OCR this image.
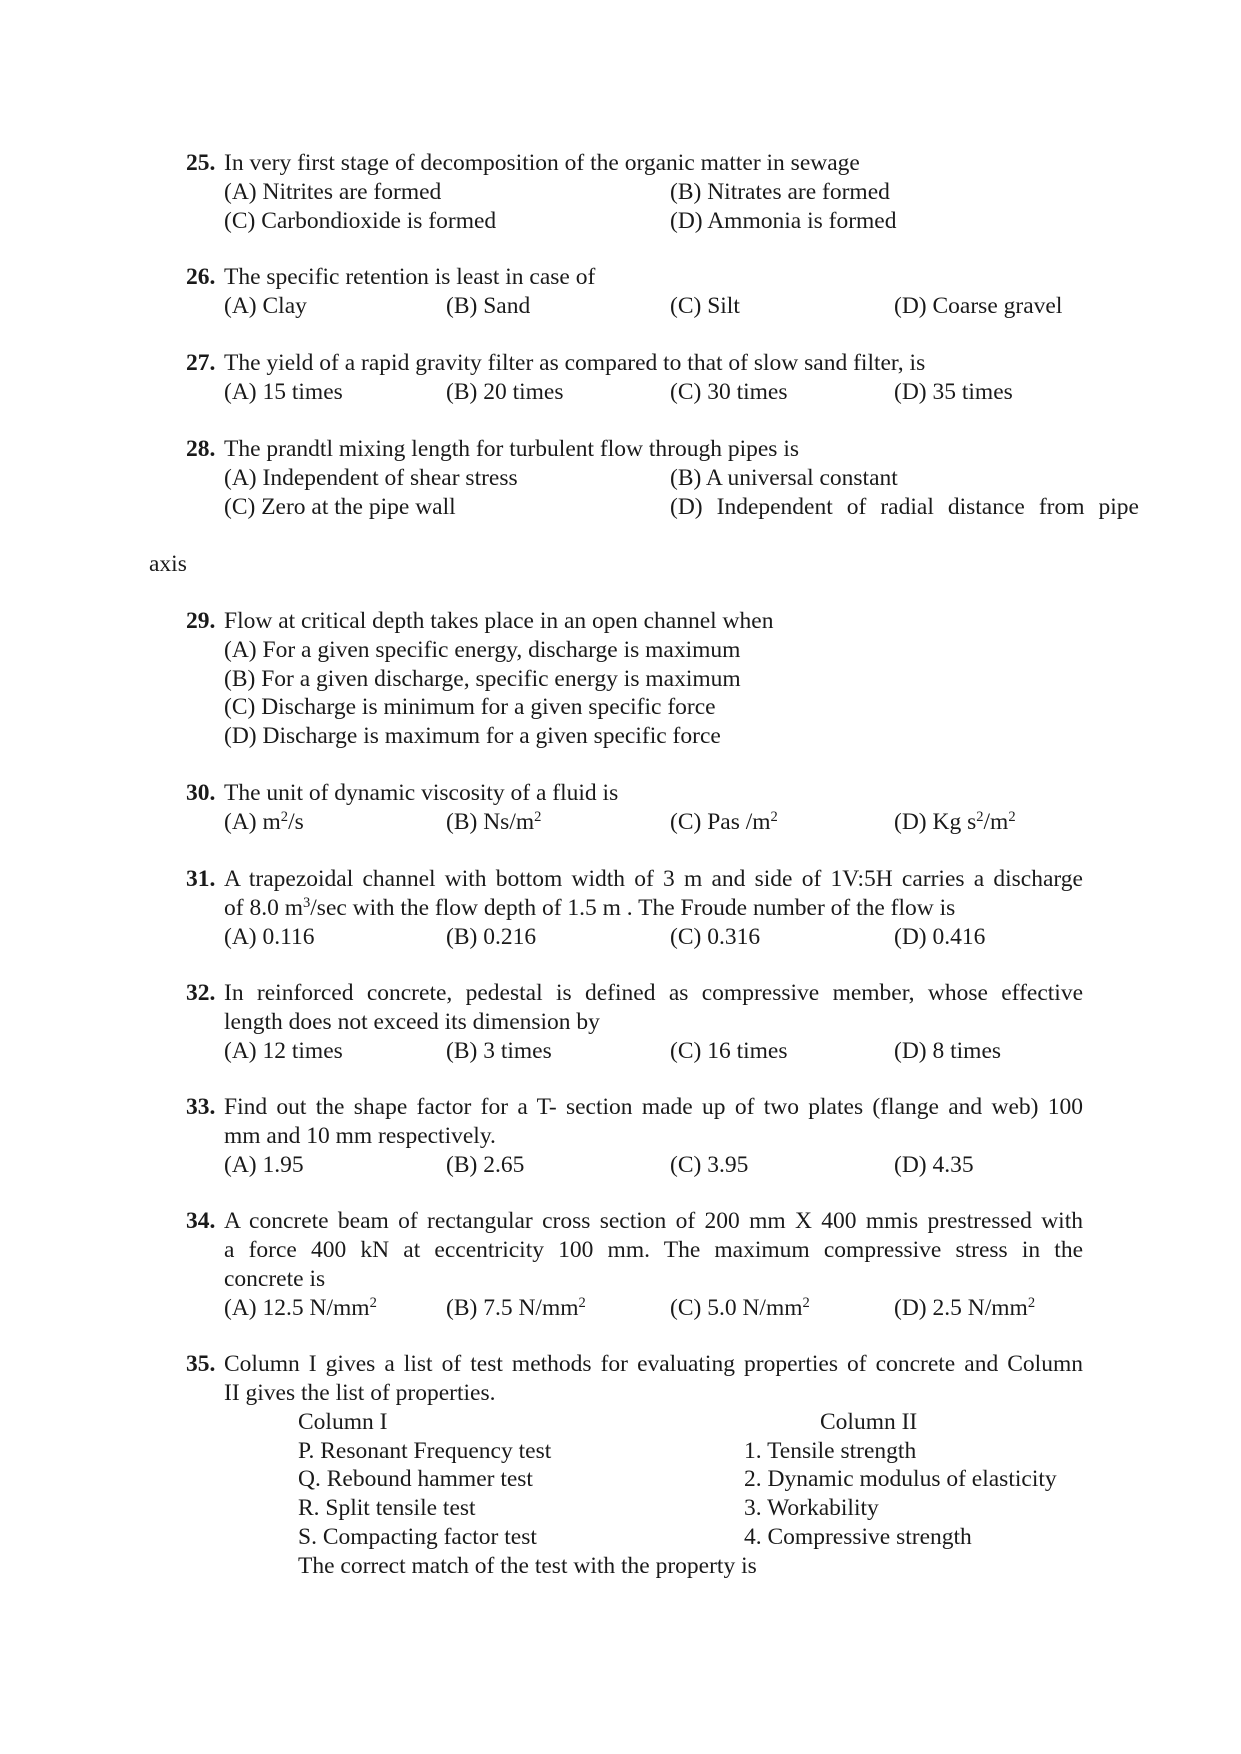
25. In very first stage of decomposition of the organic matter in sewage
(A) Nitrites are formed	(B) Nitrates are formed
(C) Carbondioxide is formed	(D) Ammonia is formed
26. The specific retention is least in case of
(A) Clay	(B) Sand	(C) Silt	(D) Coarse gravel
27. The yield of a rapid gravity filter as compared to that of slow sand filter, is
(A) 15 times	(B) 20 times	(C) 30 times	(D) 35 times
28. The prandtl mixing length for turbulent flow through pipes is
(A) Independent of shear stress	(B) A universal constant
(C) Zero at the pipe wall	(D) Independent of radial distance from pipe
axis
29. Flow at critical depth takes place in an open channel when
(A) For a given specific energy, discharge is maximum
(B) For a given discharge, specific energy is maximum
(C) Discharge is minimum for a given specific force
(D) Discharge is maximum for a given specific force
30. The unit of dynamic viscosity of a fluid is
(A) $m^2/s$	(B) $Ns/m^2$	(C) Pas $/m^2$	(D) Kg $s^2/m^2$
31. A trapezoidal channel with bottom width of 3 m and side of 1V:5H carries a discharge
of 8.0 $m^3/\sec$ with the flow depth of 1.5 m . The Froude number of the flow is
(A) 0.116	(B) 0.216	(C) 0.316	(D) 0.416
32. In reinforced concrete, pedestal is defined as compressive member, whose effective
length does not exceed its dimension by
(A) 12 times	(B) 3 times	(C) 16 times	(D) 8 times
33. Find out the shape factor for a T- section made up of two plates (flange and web) 100
mm and 10 mm respectively.
(A) 1.95	(B) 2.65	(C) 3.95	(D) 4.35
34. A concrete beam of rectangular cross section of 200 mm X 400 mmis prestressed with
a force 400 kN at eccentricity 100 mm. The maximum compressive stress in the
concrete is
(A) 12.5 $N/mm^2$	(B) 7.5 $N/mm^2$	(C) 5.0 $N/mm^2$	(D) 2.5 $N/mm^2$
35. Column I gives a list of test methods for evaluating properties of concrete and Column
II gives the list of properties.
Column I	Column II
P. Resonant Frequency test	1. Tensile strength
Q. Rebound hammer test	2. Dynamic modulus of elasticity
R. Split tensile test	3. Workability
S. Compacting factor test	4. Compressive strength
The correct match of the test with the property is
